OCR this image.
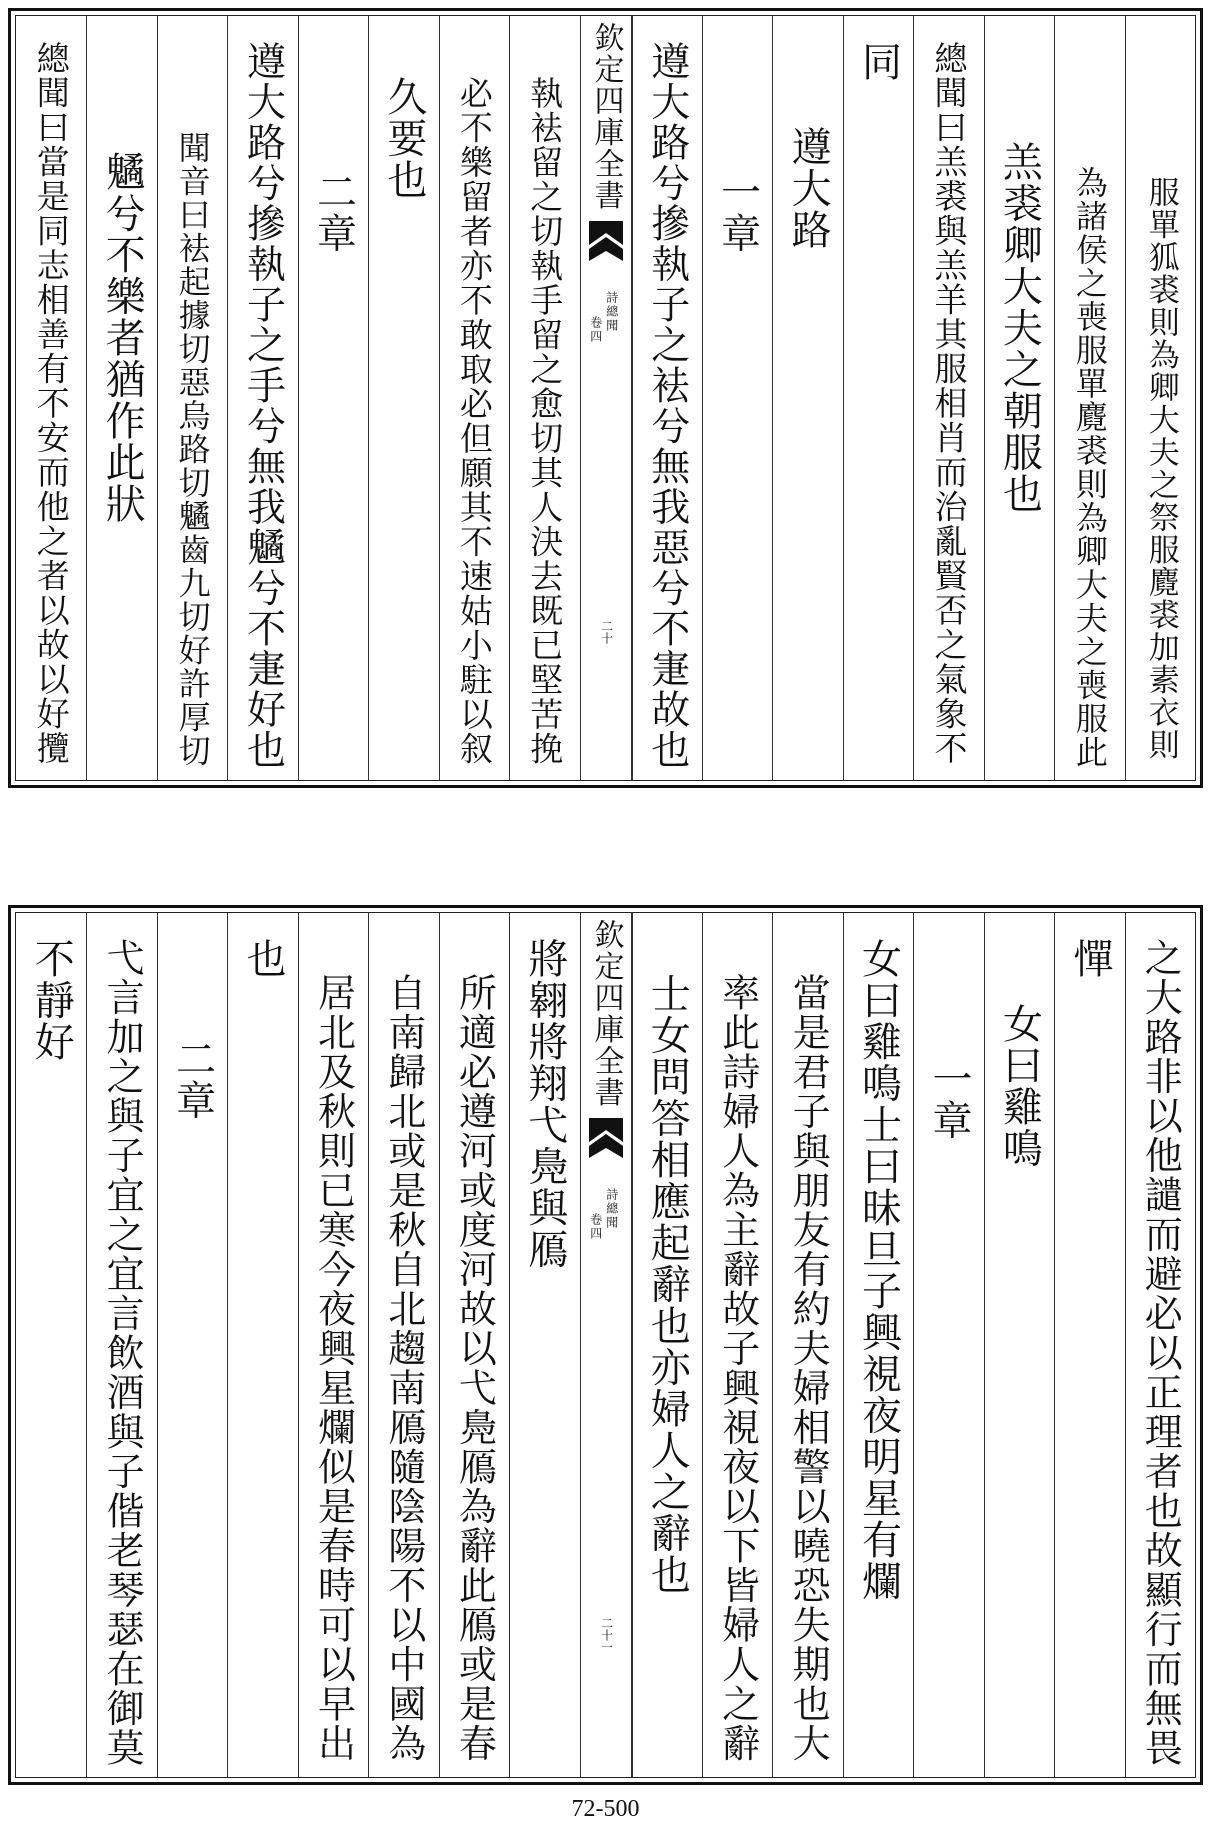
服單狐裘則為卿大夫之祭服麑裘加素衣則
為諸侯之喪服單麑裘則為卿大夫之喪服此
羔裘卿大夫之朝服也
總聞曰羔裘與羔羊其服相肖而治亂賢否之氣象不
同
遵大路
一章
遵大路兮摻執子之袪兮無我惡兮不寁故也
欽定四庫全書
詩總聞
卷四
二十
執袪留之切執手留之愈切其人決去既已堅苦挽
必不樂留者亦不敢取必但願其不速姑小駐以叙
久要也
二章
遵大路兮摻執子之手兮無我䰬兮不寁好也
聞音曰袪起據切惡烏路切䰬齒九切好許厚切
䰬兮不樂者猶作此狀
總聞曰當是同志相善有不安而他之者以故以好攬
之大路非以他譴而避必以正理者也故顯行而無畏
憚
女曰雞鳴
一章
女曰雞鳴士曰昧旦子興視夜明星有爛
當是君子與朋友有約夫婦相警以曉恐失期也大
率此詩婦人為主辭故子興視夜以下皆婦人之辭
士女問答相應起辭也亦婦人之辭也
欽定四庫全書
詩總聞
卷四
二十一
將翱將翔弋鳧與鴈
所適必遵河或度河故以弋鳧鴈為辭此鴈或是春
自南歸北或是秋自北趨南鴈隨陰陽不以中國為
居北及秋則已寒今夜興星爛似是春時可以早出
也
二章
弋言加之與子宜之宜言飲酒與子偕老琴瑟在御莫
不靜好
72-500
